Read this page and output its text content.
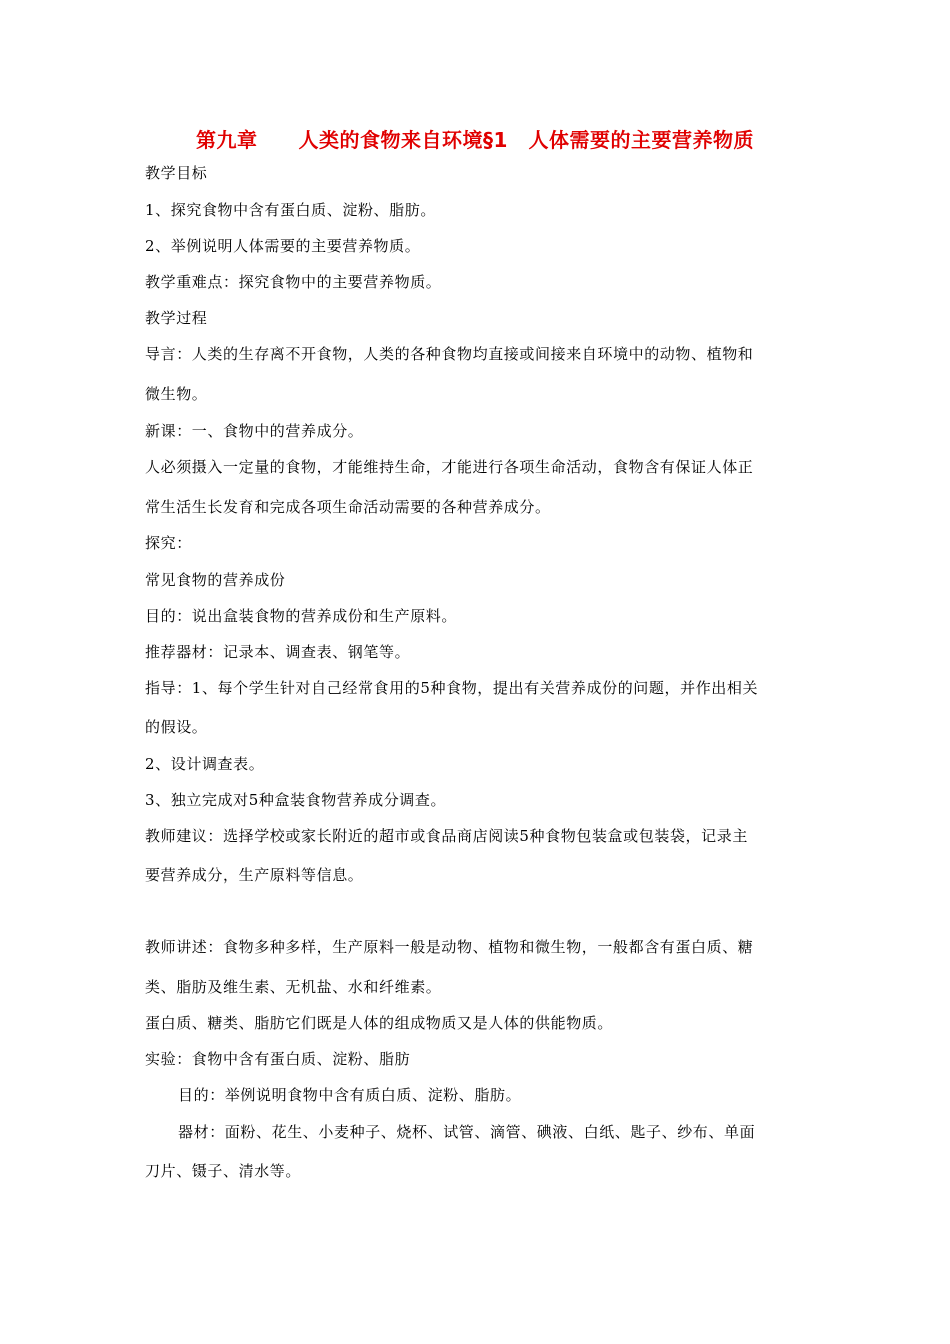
第九章　　人类的食物来自环境§1　人体需要的主要营养物质
教学目标
1、探究食物中含有蛋白质、淀粉、脂肪。
2、举例说明人体需要的主要营养物质。
教学重难点：探究食物中的主要营养物质。
教学过程
导言：人类的生存离不开食物，人类的各种食物均直接或间接来自环境中的动物、植物和
微生物。
新课：一、食物中的营养成分。
人必须摄入一定量的食物，才能维持生命，才能进行各项生命活动，食物含有保证人体正
常生活生长发育和完成各项生命活动需要的各种营养成分。
探究：
常见食物的营养成份
目的：说出盒装食物的营养成份和生产原料。
推荐器材：记录本、调查表、钢笔等。
指导：1、每个学生针对自己经常食用的5种食物，提出有关营养成份的问题，并作出相关
的假设。
2、设计调查表。
3、独立完成对5种盒装食物营养成分调查。
教师建议：选择学校或家长附近的超市或食品商店阅读5种食物包装盒或包装袋，记录主
要营养成分，生产原料等信息。
教师讲述：食物多种多样，生产原料一般是动物、植物和微生物，一般都含有蛋白质、糖
类、脂肪及维生素、无机盐、水和纤维素。
蛋白质、糖类、脂肪它们既是人体的组成物质又是人体的供能物质。
实验：食物中含有蛋白质、淀粉、脂肪
目的：举例说明食物中含有质白质、淀粉、脂肪。
器材：面粉、花生、小麦种子、烧杯、试管、滴管、碘液、白纸、匙子、纱布、单面
刀片、镊子、清水等。
